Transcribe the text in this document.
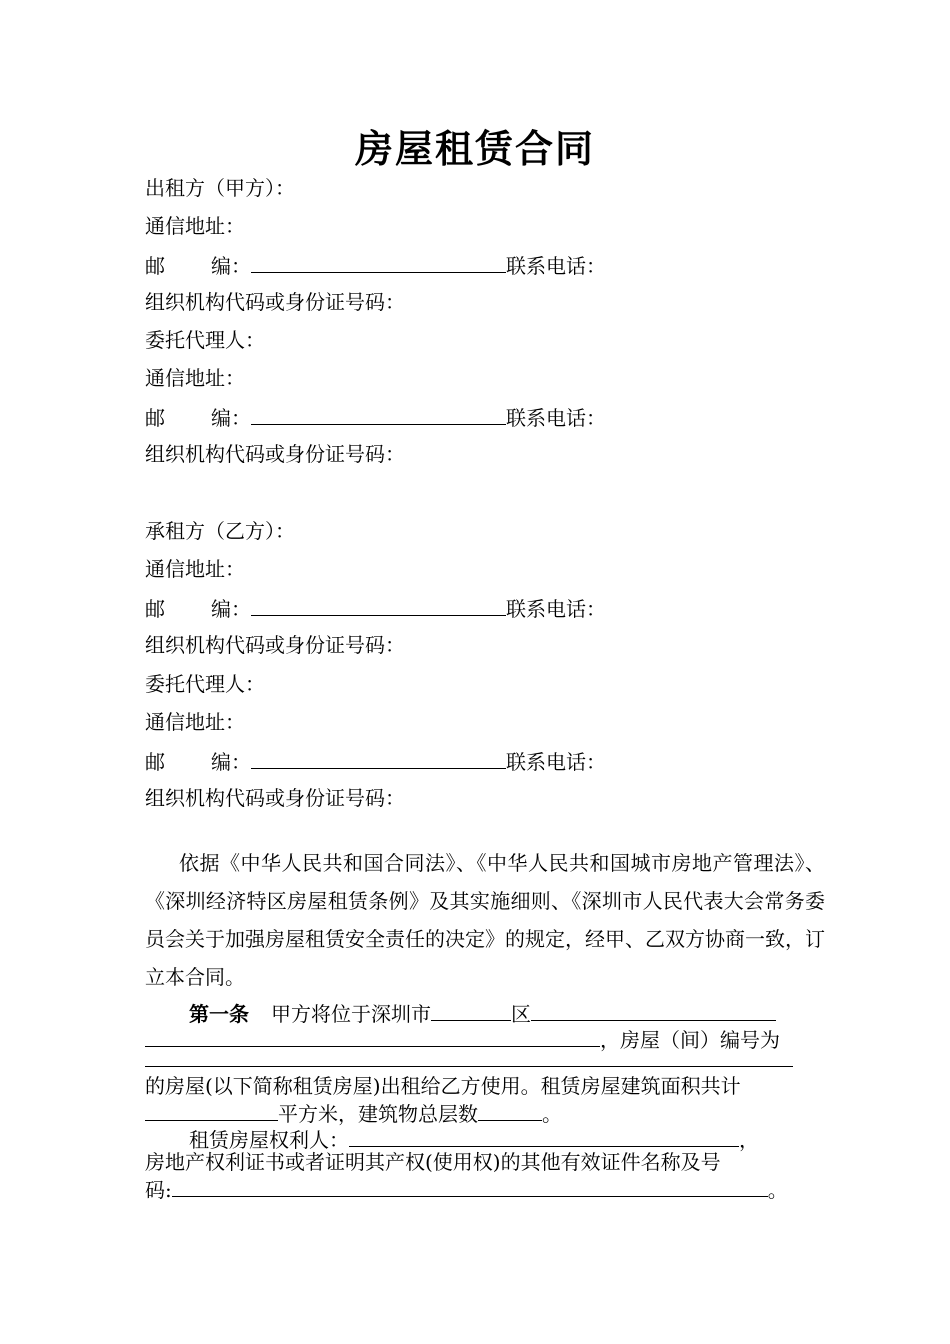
房屋租赁合同
出租方（甲方）：
通信地址：
邮 编：	联系电话：
组织机构代码或身份证号码：
委托代理人：
通信地址：
邮 编：	联系电话：
组织机构代码或身份证号码：
承租方（乙方）：
通信地址：
邮 编：	联系电话：
组织机构代码或身份证号码：
委托代理人：
通信地址：
邮 编：	联系电话：
组织机构代码或身份证号码：
依据《中华人民共和国合同法》、《中华人民共和国城市房地产管理法》、《深圳经济特区房屋租赁条例》及其实施细则、《深圳市人民代表大会常务委员会关于加强房屋租赁安全责任的决定》的规定，经甲、乙双方协商一致，订立本合同。
第一条 甲方将位于深圳市	区
，房屋（间）编号为
的房屋(以下简称租赁房屋)出租给乙方使用。租赁房屋建筑面积共计
平方米，建筑物总层数	。
租赁房屋权利人：	，
房地产权利证书或者证明其产权(使用权)的其他有效证件名称及号
码:	。
